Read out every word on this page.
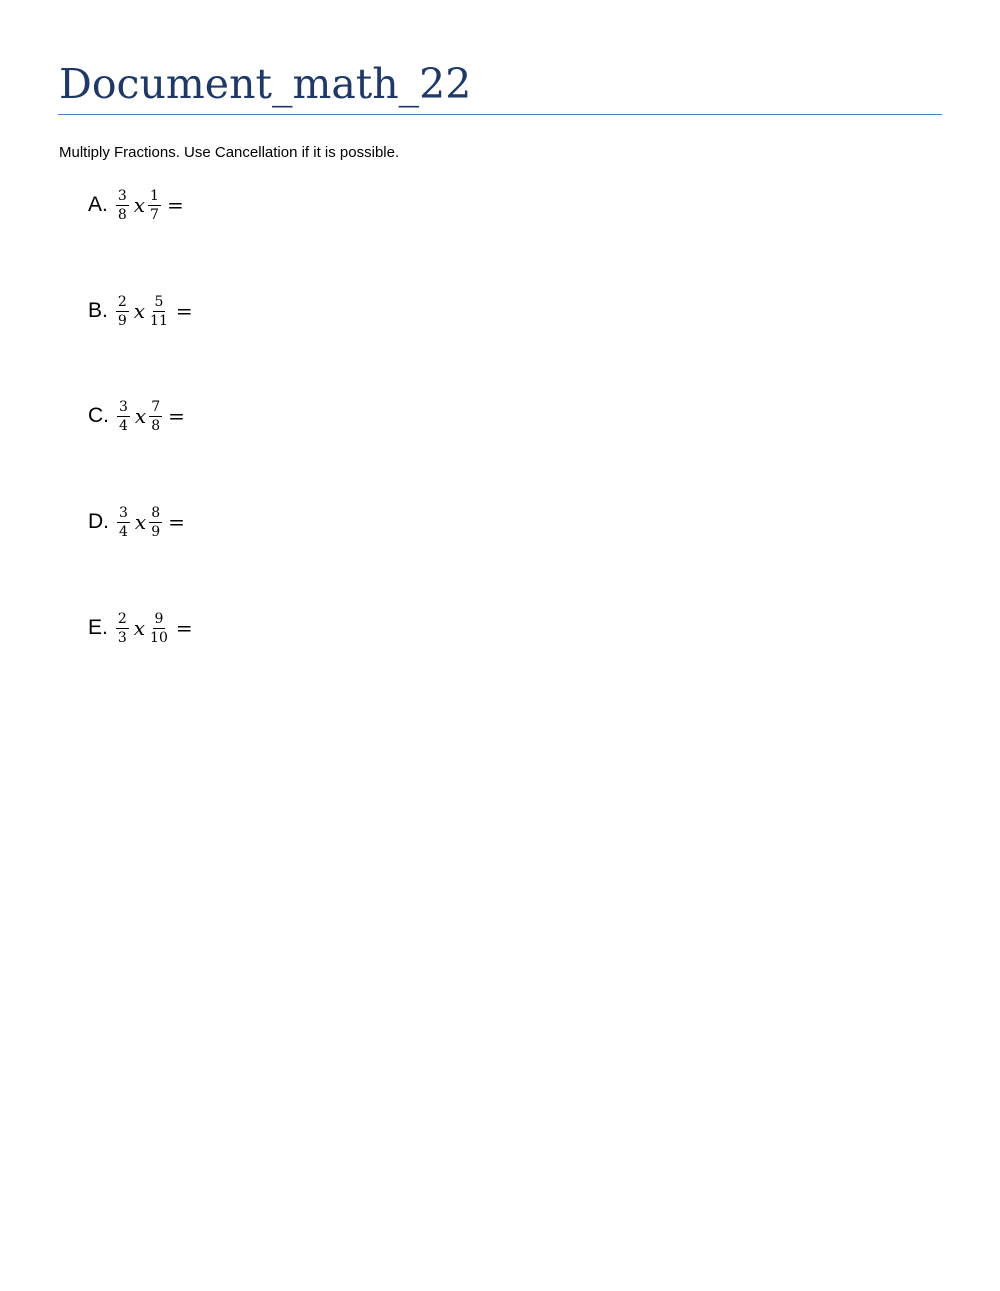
Document_math_22
Multiply Fractions. Use Cancellation if it is possible.
A. $\frac{3}{8}$ x $\frac{1}{7}$ =
B. $\frac{2}{9}$ x $\frac{5}{11}$ =
C. $\frac{3}{4}$ x $\frac{7}{8}$ =
D. $\frac{3}{4}$ x $\frac{8}{9}$ =
E. $\frac{2}{3}$ x $\frac{9}{10}$ =
